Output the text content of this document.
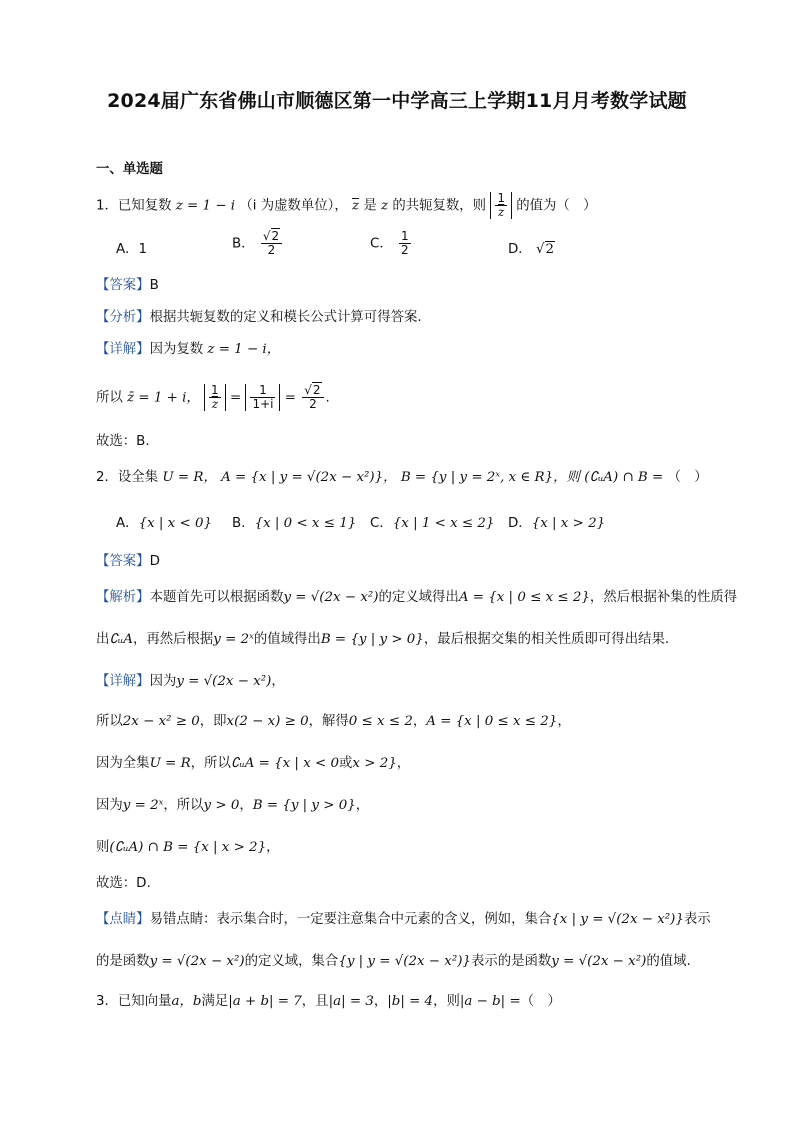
2024届广东省佛山市顺德区第一中学高三上学期11月月考数学试题
一、单选题
1．已知复数 z = 1 − i （i 为虚数单位）， $\overline{z}$ 是 z 的共轭复数，则 $\frac{1}{z}$ 的值为（　）
A．1	B． $\frac{√2}{2}$	C． $\frac{1}{2}$	D． √2
【答案】B
【分析】根据共轭复数的定义和模长公式计算可得答案.
【详解】因为复数 z = 1 − i，
所以 z̄ = 1 + i， $\frac{1}{z} = \frac{1}{1+i} = \frac{√2}{2}$ .
故选：B.
2．设全集 U = R， A = {x | y = √(2x − x²)}， B = {y | y = 2ˣ, x ∈ R}，则 (∁ᵤA) ∩ B = （　）
A．{x | x < 0} B．{x | 0 < x ≤ 1} C．{x | 1 < x ≤ 2} D．{x | x > 2}
【答案】D
【解析】本题首先可以根据函数y = √(2x − x²)的定义域得出A = {x | 0 ≤ x ≤ 2}，然后根据补集的性质得
出∁ᵤA，再然后根据y = 2ˣ的值域得出B = {y | y > 0}，最后根据交集的相关性质即可得出结果.
【详解】因为y = √(2x − x²)，
所以2x − x² ≥ 0，即x(2 − x) ≥ 0，解得0 ≤ x ≤ 2，A = {x | 0 ≤ x ≤ 2}，
因为全集U = R，所以∁ᵤA = {x | x < 0或x > 2}，
因为y = 2ˣ，所以y > 0，B = {y | y > 0}，
则(∁ᵤA) ∩ B = {x | x > 2}，
故选：D.
【点睛】易错点睛：表示集合时，一定要注意集合中元素的含义，例如，集合{x | y = √(2x − x²)}表示
的是函数y = √(2x − x²)的定义域，集合{y | y = √(2x − x²)}表示的是函数y = √(2x − x²)的值域.
3．已知向量a，b满足|a + b| = 7，且|a| = 3，|b| = 4，则|a − b| =（　）
